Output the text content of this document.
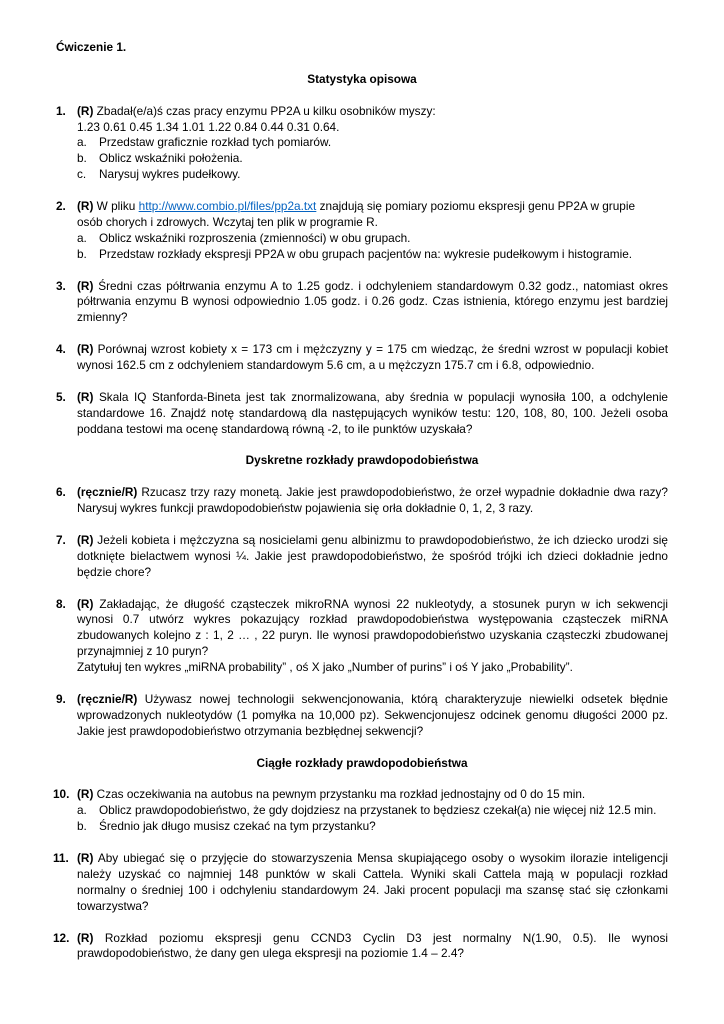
Ćwiczenie 1.
Statystyka opisowa
1. (R) Zbadał(e/a)ś czas pracy enzymu PP2A u kilku osobników myszy:
1.23 0.61 0.45 1.34 1.01 1.22 0.84 0.44 0.31 0.64.
a. Przedstaw graficznie rozkład tych pomiarów.
b. Oblicz wskaźniki położenia.
c. Narysuj wykres pudełkowy.
2. (R) W pliku http://www.combio.pl/files/pp2a.txt znajdują się pomiary poziomu ekspresji genu PP2A w grupie
osób chorych i zdrowych. Wczytaj ten plik w programie R.
a. Oblicz wskaźniki rozproszenia (zmienności) w obu grupach.
b. Przedstaw rozkłady ekspresji PP2A w obu grupach pacjentów na: wykresie pudełkowym i histogramie.
3. (R) Średni czas półtrwania enzymu A to 1.25 godz. i odchyleniem standardowym 0.32 godz., natomiast okres
półtrwania enzymu B wynosi odpowiednio 1.05 godz. i 0.26 godz. Czas istnienia, którego enzymu jest bardziej
zmienny?
4. (R) Porównaj wzrost kobiety x = 173 cm i mężczyzny y = 175 cm wiedząc, że średni wzrost w populacji kobiet
wynosi 162.5 cm z odchyleniem standardowym 5.6 cm, a u mężczyzn 175.7 cm i 6.8, odpowiednio.
5. (R) Skala IQ Stanforda-Bineta jest tak znormalizowana, aby średnia w populacji wynosiła 100, a odchylenie
standardowe 16. Znajdź notę standardową dla następujących wyników testu: 120, 108, 80, 100. Jeżeli osoba
poddana testowi ma ocenę standardową równą -2, to ile punktów uzyskała?
Dyskretne rozkłady prawdopodobieństwa
6. (ręcznie/R) Rzucasz trzy razy monetą. Jakie jest prawdopodobieństwo, że orzeł wypadnie dokładnie dwa razy?
Narysuj wykres funkcji prawdopodobieństw pojawienia się orła dokładnie 0, 1, 2, 3 razy.
7. (R) Jeżeli kobieta i mężczyzna są nosicielami genu albinizmu to prawdopodobieństwo, że ich dziecko urodzi się
dotknięte bielactwem wynosi ¼. Jakie jest prawdopodobieństwo, że spośród trójki ich dzieci dokładnie jedno
będzie chore?
8. (R) Zakładając, że długość cząsteczek mikroRNA wynosi 22 nukleotydy, a stosunek puryn w ich sekwencji
wynosi 0.7 utwórz wykres pokazujący rozkład prawdopodobieństwa występowania cząsteczek miRNA
zbudowanych kolejno z : 1, 2 … , 22 puryn. Ile wynosi prawdopodobieństwo uzyskania cząsteczki zbudowanej
przynajmniej z 10 puryn?
Zatytułuj ten wykres „miRNA probability” , oś X jako „Number of purins” i oś Y jako „Probability”.
9. (ręcznie/R) Używasz nowej technologii sekwencjonowania, którą charakteryzuje niewielki odsetek błędnie
wprowadzonych nukleotydów (1 pomyłka na 10,000 pz). Sekwencjonujesz odcinek genomu długości 2000 pz.
Jakie jest prawdopodobieństwo otrzymania bezbłędnej sekwencji?
Ciągłe rozkłady prawdopodobieństwa
10. (R) Czas oczekiwania na autobus na pewnym przystanku ma rozkład jednostajny od 0 do 15 min.
a. Oblicz prawdopodobieństwo, że gdy dojdziesz na przystanek to będziesz czekał(a) nie więcej niż 12.5 min.
b. Średnio jak długo musisz czekać na tym przystanku?
11. (R) Aby ubiegać się o przyjęcie do stowarzyszenia Mensa skupiającego osoby o wysokim ilorazie inteligencji
należy uzyskać co najmniej 148 punktów w skali Cattela. Wyniki skali Cattela mają w populacji rozkład
normalny o średniej 100 i odchyleniu standardowym 24. Jaki procent populacji ma szansę stać się członkami
towarzystwa?
12. (R) Rozkład poziomu ekspresji genu CCND3 Cyclin D3 jest normalny N(1.90, 0.5). Ile wynosi
prawdopodobieństwo, że dany gen ulega ekspresji na poziomie 1.4 – 2.4?
